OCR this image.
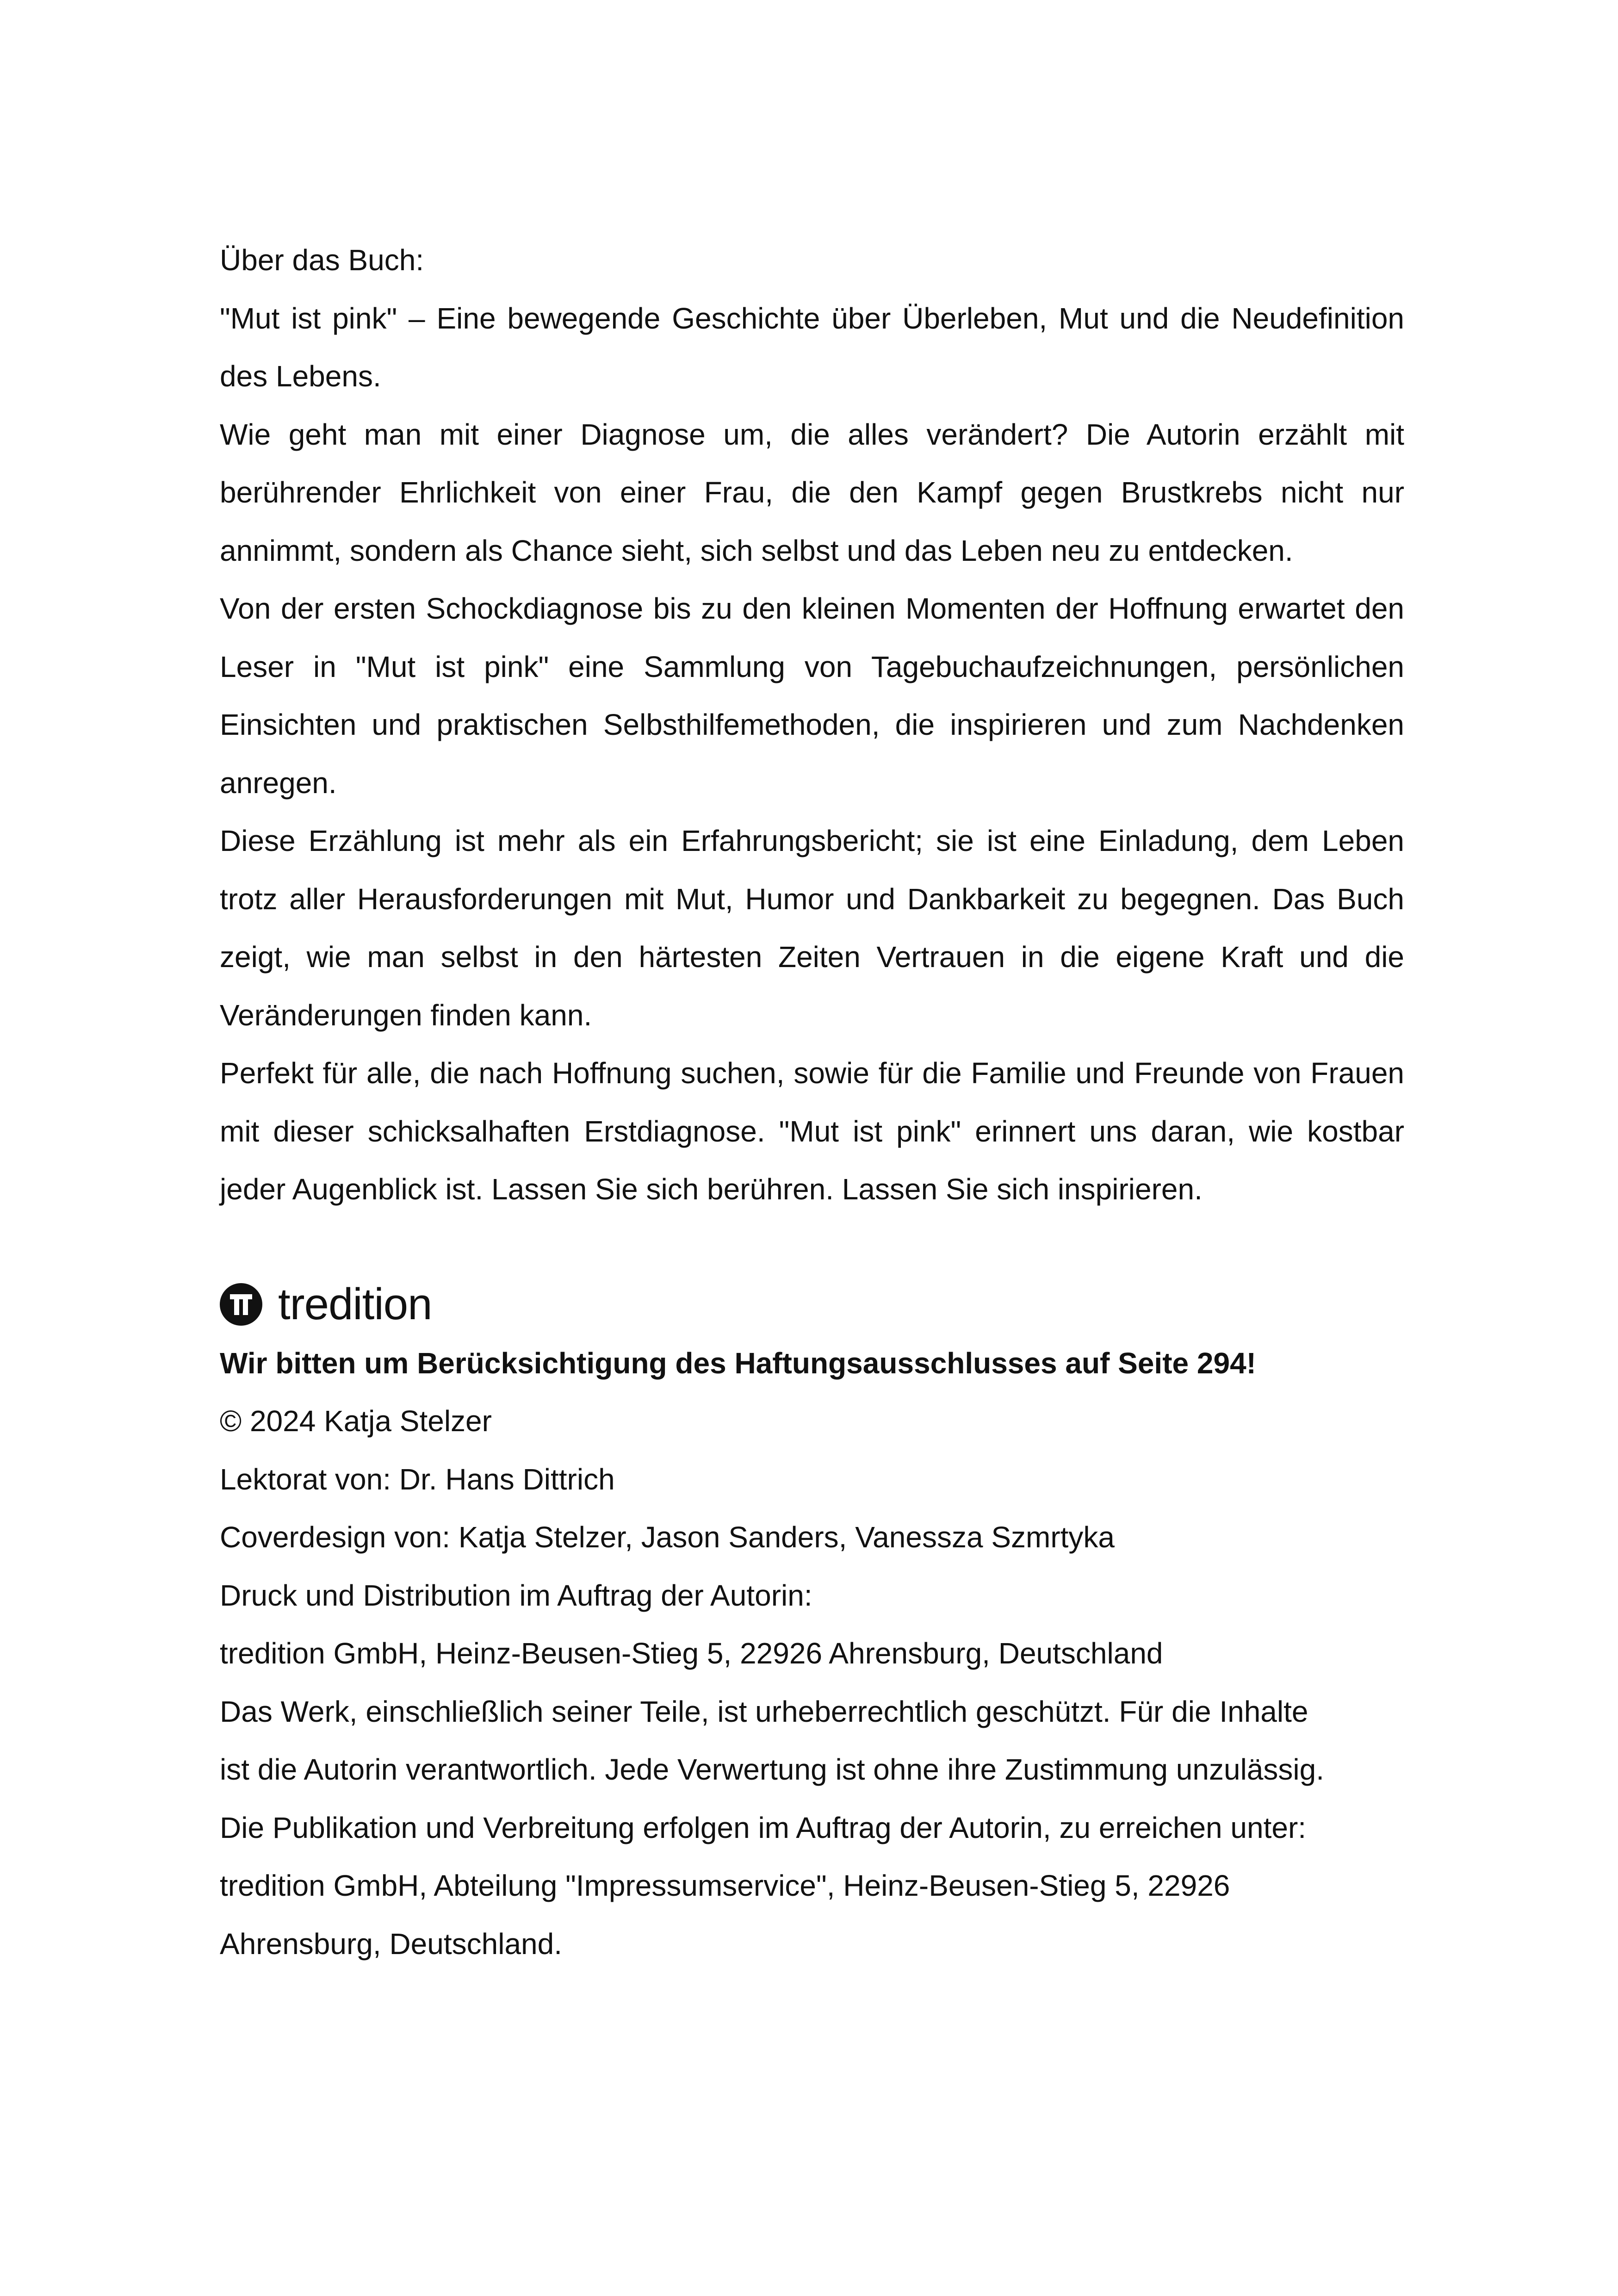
Über das Buch:

"Mut ist pink" – Eine bewegende Geschichte über Überleben, Mut und die Neudefinition des Lebens.

Wie geht man mit einer Diagnose um, die alles verändert? Die Autorin erzählt mit berührender Ehrlichkeit von einer Frau, die den Kampf gegen Brustkrebs nicht nur annimmt, sondern als Chance sieht, sich selbst und das Leben neu zu entdecken.

Von der ersten Schockdiagnose bis zu den kleinen Momenten der Hoffnung erwartet den Leser in "Mut ist pink" eine Sammlung von Tagebuchaufzeichnungen, persönlichen Einsichten und praktischen Selbsthilfemethoden, die inspirieren und zum Nachdenken anregen.

Diese Erzählung ist mehr als ein Erfahrungsbericht; sie ist eine Einladung, dem Leben trotz aller Herausforderungen mit Mut, Humor und Dankbarkeit zu begegnen. Das Buch zeigt, wie man selbst in den härtesten Zeiten Vertrauen in die eigene Kraft und die Veränderungen finden kann.

Perfekt für alle, die nach Hoffnung suchen, sowie für die Familie und Freunde von Frauen mit dieser schicksalhaften Erstdiagnose. "Mut ist pink" erinnert uns daran, wie kostbar jeder Augenblick ist. Lassen Sie sich berühren. Lassen Sie sich inspirieren.

tredition

Wir bitten um Berücksichtigung des Haftungsausschlusses auf Seite 294!

© 2024 Katja Stelzer

Lektorat von: Dr. Hans Dittrich

Coverdesign von: Katja Stelzer, Jason Sanders, Vanessza Szmrtyka

Druck und Distribution im Auftrag der Autorin:

tredition GmbH, Heinz-Beusen-Stieg 5, 22926 Ahrensburg, Deutschland

Das Werk, einschließlich seiner Teile, ist urheberrechtlich geschützt. Für die Inhalte ist die Autorin verantwortlich. Jede Verwertung ist ohne ihre Zustimmung unzulässig. Die Publikation und Verbreitung erfolgen im Auftrag der Autorin, zu erreichen unter: tredition GmbH, Abteilung "Impressumservice", Heinz-Beusen-Stieg 5, 22926 Ahrensburg, Deutschland.
